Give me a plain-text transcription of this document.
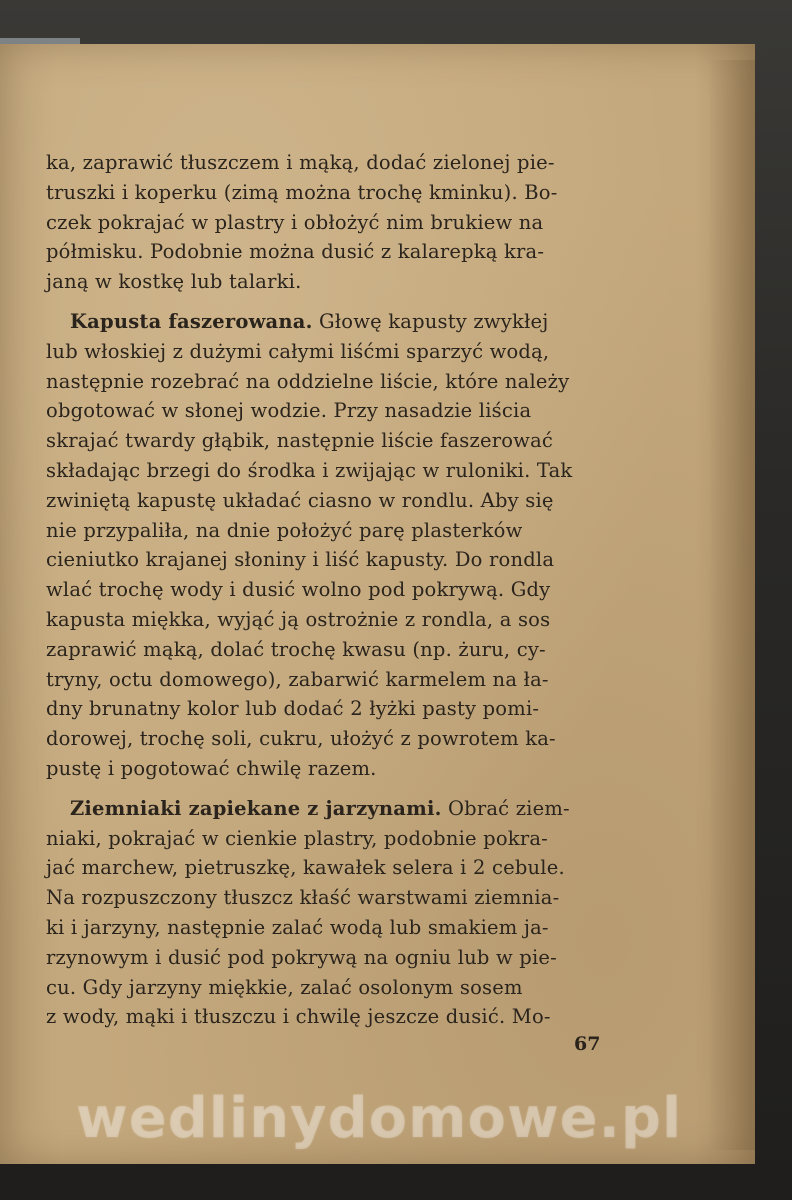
ka, zaprawić tłuszczem i mąką, dodać zielonej pie-
truszki i koperku (zimą można trochę kminku). Bo-
czek pokrajać w plastry i obłożyć nim brukiew na
półmisku. Podobnie można dusić z kalarepką kra-
janą w kostkę lub talarki.

Kapusta faszerowana. Głowę kapusty zwykłej
lub włoskiej z dużymi całymi liśćmi sparzyć wodą,
następnie rozebrać na oddzielne liście, które należy
obgotować w słonej wodzie. Przy nasadzie liścia
skrajać twardy głąbik, następnie liście faszerować
składając brzegi do środka i zwijając w ruloniki. Tak
zwiniętą kapustę układać ciasno w rondlu. Aby się
nie przypaliła, na dnie położyć parę plasterków
cieniutko krajanej słoniny i liść kapusty. Do rondla
wlać trochę wody i dusić wolno pod pokrywą. Gdy
kapusta miękka, wyjąć ją ostrożnie z rondla, a sos
zaprawić mąką, dolać trochę kwasu (np. żuru, cy-
tryny, octu domowego), zabarwić karmelem na ła-
dny brunatny kolor lub dodać 2 łyżki pasty pomi-
dorowej, trochę soli, cukru, ułożyć z powrotem ka-
pustę i pogotować chwilę razem.

Ziemniaki zapiekane z jarzynami. Obrać ziem-
niaki, pokrajać w cienkie plastry, podobnie pokra-
jać marchew, pietruszkę, kawałek selera i 2 cebule.
Na rozpuszczony tłuszcz kłaść warstwami ziemnia-
ki i jarzyny, następnie zalać wodą lub smakiem ja-
rzynowym i dusić pod pokrywą na ogniu lub w pie-
cu. Gdy jarzyny miękkie, zalać osolonym sosem
z wody, mąki i tłuszczu i chwilę jeszcze dusić. Mo-

67
wedlinydomowe.pl
